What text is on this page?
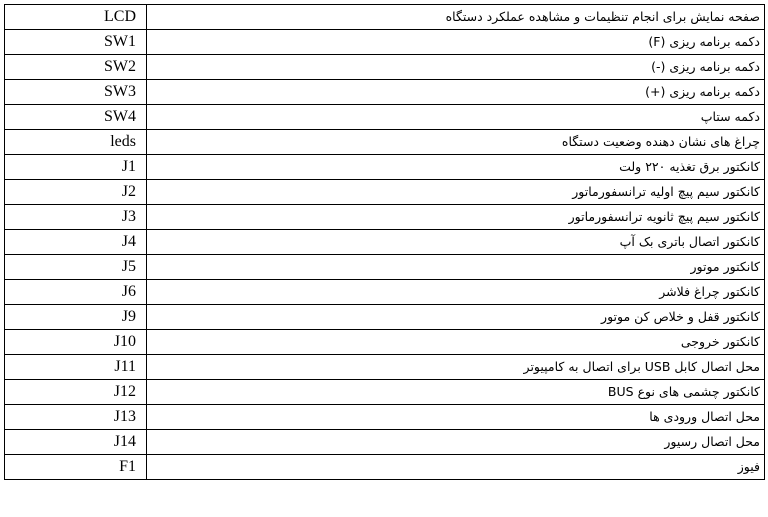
LCD	صفحه نمایش برای انجام تنظیمات و مشاهده عملکرد دستگاه
SW1	دکمه برنامه ریزی (F)
SW2	دکمه برنامه ریزی (-)
SW3	دکمه برنامه ریزی (+)
SW4	دکمه ستاپ
leds	چراغ های نشان دهنده وضعیت دستگاه
J1	کانکتور برق تغذیه ۲۲۰ ولت
J2	کانکتور سیم پیچ اولیه ترانسفورماتور
J3	کانکتور سیم پیچ ثانویه ترانسفورماتور
J4	کانکتور اتصال باتری بک آپ
J5	کانکتور موتور
J6	کانکتور چراغ فلاشر
J9	کانکتور قفل و خلاص کن موتور
J10	کانکتور خروجی
J11	محل اتصال کابل USB برای اتصال به کامپیوتر
J12	کانکتور چشمی های نوع BUS
J13	محل اتصال ورودی ها
J14	محل اتصال رسیور
F1	فیوز
